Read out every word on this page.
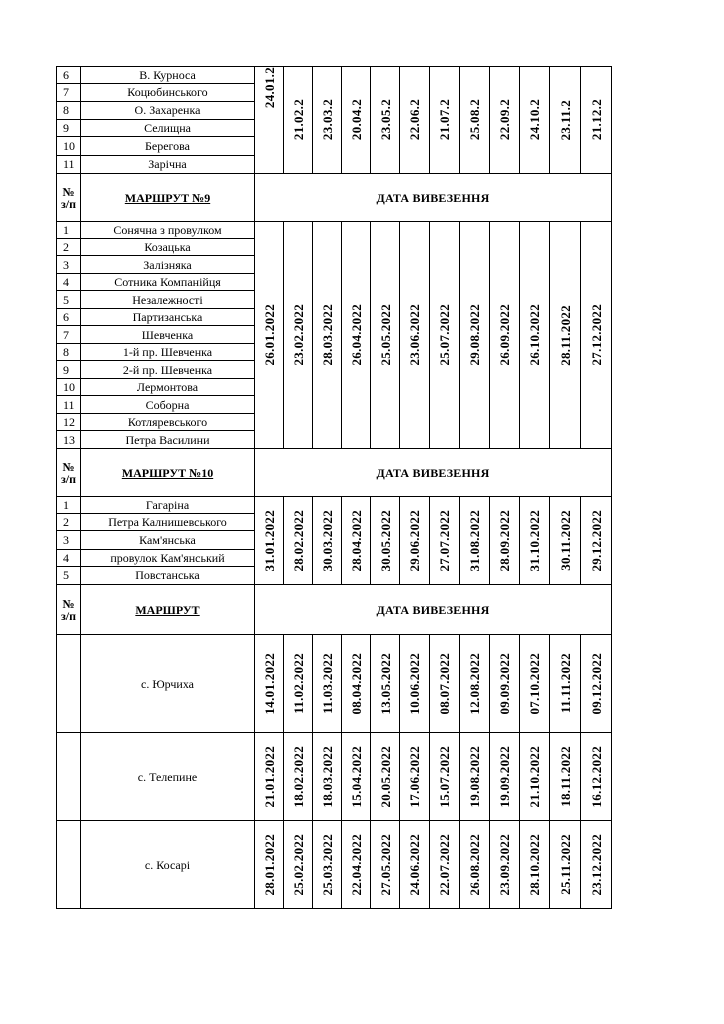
6	В. Курноса	24.01.2	21.02.2	23.03.2	20.04.2	23.05.2	22.06.2	21.07.2	25.08.2	22.09.2	24.10.2	23.11.2	21.12.2

7	Коцюбинського												
8	О. Захаренка												
9	Селищна												
10	Берегова												
11	Зарічна												
№ з/п	МАРШРУТ №9	ДАТА ВИВЕЗЕННЯ											
1	Сонячна з провулком	26.01.2022	23.02.2022	28.03.2022	26.04.2022	25.05.2022	23.06.2022	25.07.2022	29.08.2022	26.09.2022	26.10.2022	28.11.2022	27.12.2022

2	Козацька												
3	Залізняка												
4	Сотника Компанійця												
5	Незалежності												
6	Партизанська												
7	Шевченка												
8	1-й пр. Шевченка												
9	2-й пр. Шевченка												
10	Лермонтова												
11	Соборна												
12	Котляревського												
13	Петра Василини												
№ з/п	МАРШРУТ №10	ДАТА ВИВЕЗЕННЯ											
1	Гагаріна	31.01.2022	28.02.2022	30.03.2022	28.04.2022	30.05.2022	29.06.2022	27.07.2022	31.08.2022	28.09.2022	31.10.2022	30.11.2022	29.12.2022

2	Петра Калнишевського												
3	Кам'янська												
4	провулок Кам'янський												
5	Повстанська												
№ з/п	МАРШРУТ	ДАТА ВИВЕЗЕННЯ											
	с. Юрчиха	14.01.2022	11.02.2022	11.03.2022	08.04.2022	13.05.2022	10.06.2022	08.07.2022	12.08.2022	09.09.2022	07.10.2022	11.11.2022	09.12.2022

	с. Телепине	21.01.2022	18.02.2022	18.03.2022	15.04.2022	20.05.2022	17.06.2022	15.07.2022	19.08.2022	19.09.2022	21.10.2022	18.11.2022	16.12.2022

	с. Косарі	28.01.2022	25.02.2022	25.03.2022	22.04.2022	27.05.2022	24.06.2022	22.07.2022	26.08.2022	23.09.2022	28.10.2022	25.11.2022	23.12.2022
